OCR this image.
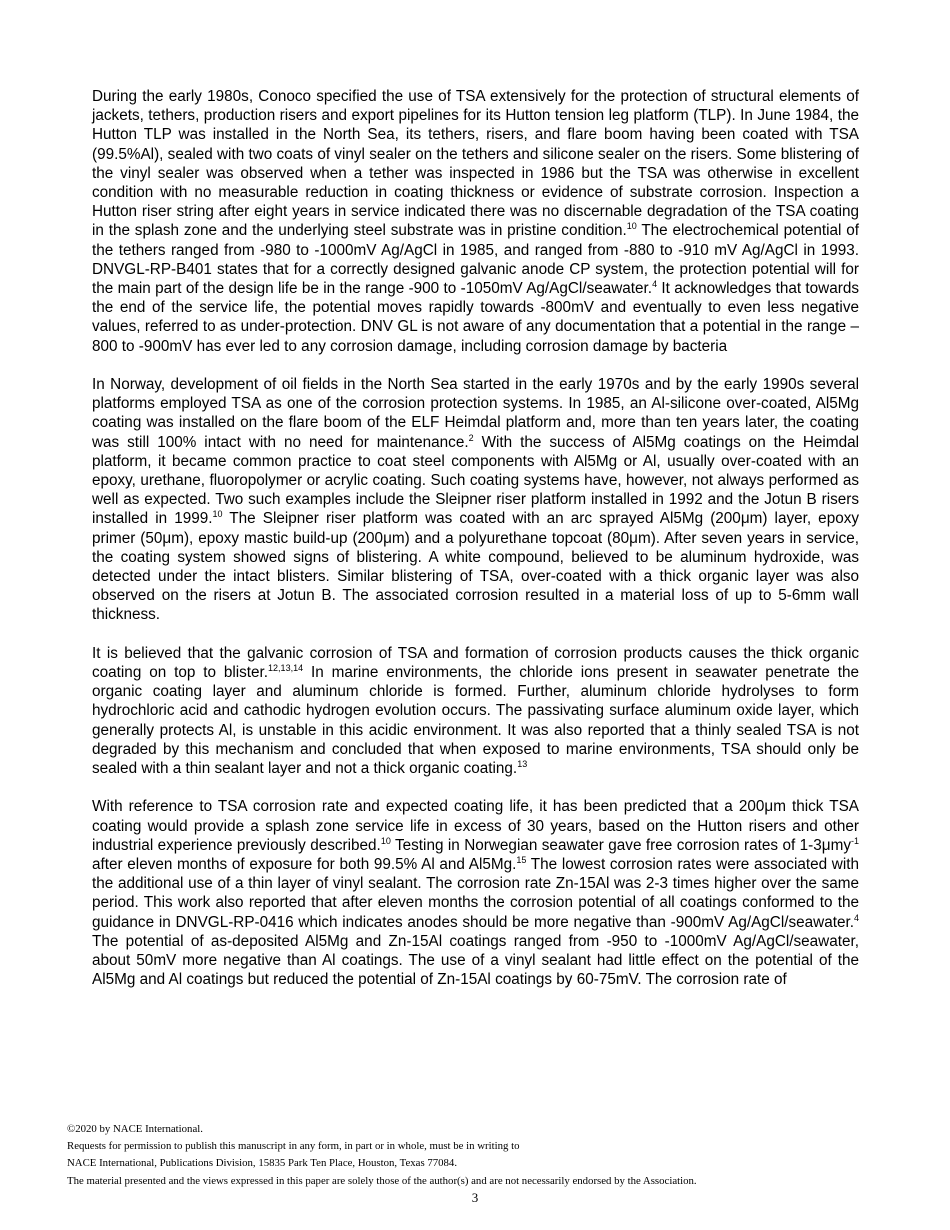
During the early 1980s, Conoco specified the use of TSA extensively for the protection of structural elements of jackets, tethers, production risers and export pipelines for its Hutton tension leg platform (TLP). In June 1984, the Hutton TLP was installed in the North Sea, its tethers, risers, and flare boom having been coated with TSA (99.5%Al), sealed with two coats of vinyl sealer on the tethers and silicone sealer on the risers. Some blistering of the vinyl sealer was observed when a tether was inspected in 1986 but the TSA was otherwise in excellent condition with no measurable reduction in coating thickness or evidence of substrate corrosion. Inspection a Hutton riser string after eight years in service indicated there was no discernable degradation of the TSA coating in the splash zone and the underlying steel substrate was in pristine condition.$^{10}$ The electrochemical potential of the tethers ranged from -980 to -1000mV Ag/AgCl in 1985, and ranged from -880 to -910 mV Ag/AgCl in 1993. DNVGL-RP-B401 states that for a correctly designed galvanic anode CP system, the protection potential will for the main part of the design life be in the range -900 to -1050mV Ag/AgCl/seawater.$^4$ It acknowledges that towards the end of the service life, the potential moves rapidly towards -800mV and eventually to even less negative values, referred to as under-protection. DNV GL is not aware of any documentation that a potential in the range –800 to -900mV has ever led to any corrosion damage, including corrosion damage by bacteria

In Norway, development of oil fields in the North Sea started in the early 1970s and by the early 1990s several platforms employed TSA as one of the corrosion protection systems. In 1985, an Al-silicone over-coated, Al5Mg coating was installed on the flare boom of the ELF Heimdal platform and, more than ten years later, the coating was still 100% intact with no need for maintenance.$^2$ With the success of Al5Mg coatings on the Heimdal platform, it became common practice to coat steel components with Al5Mg or Al, usually over-coated with an epoxy, urethane, fluoropolymer or acrylic coating. Such coating systems have, however, not always performed as well as expected. Two such examples include the Sleipner riser platform installed in 1992 and the Jotun B risers installed in 1999.10 The Sleipner riser platform was coated with an arc sprayed Al5Mg (200μm) layer, epoxy primer (50μm), epoxy mastic build-up (200μm) and a polyurethane topcoat (80μm). After seven years in service, the coating system showed signs of blistering. A white compound, believed to be aluminum hydroxide, was detected under the intact blisters. Similar blistering of TSA, over-coated with a thick organic layer was also observed on the risers at Jotun B. The associated corrosion resulted in a material loss of up to 5-6mm wall thickness.

It is believed that the galvanic corrosion of TSA and formation of corrosion products causes the thick organic coating on top to blister.$^{12,13,14}$ In marine environments, the chloride ions present in seawater penetrate the organic coating layer and aluminum chloride is formed. Further, aluminum chloride hydrolyses to form hydrochloric acid and cathodic hydrogen evolution occurs. The passivating surface aluminum oxide layer, which generally protects Al, is unstable in this acidic environment. It was also reported that a thinly sealed TSA is not degraded by this mechanism and concluded that when exposed to marine environments, TSA should only be sealed with a thin sealant layer and not a thick organic coating.$^{13}$

With reference to TSA corrosion rate and expected coating life, it has been predicted that a 200μm thick TSA coating would provide a splash zone service life in excess of 30 years, based on the Hutton risers and other industrial experience previously described.$^{10}$ Testing in Norwegian seawater gave free corrosion rates of 1-3μmy$^{-1}$ after eleven months of exposure for both 99.5% Al and Al5Mg.$^{15}$ The lowest corrosion rates were associated with the additional use of a thin layer of vinyl sealant. The corrosion rate Zn-15Al was 2-3 times higher over the same period. This work also reported that after eleven months the corrosion potential of all coatings conformed to the guidance in DNVGL-RP-0416 which indicates anodes should be more negative than -900mV Ag/AgCl/seawater.$^4$ The potential of as-deposited Al5Mg and Zn-15Al coatings ranged from -950 to -1000mV Ag/AgCl/seawater, about 50mV more negative than Al coatings. The use of a vinyl sealant had little effect on the potential of the Al5Mg and Al coatings but reduced the potential of Zn-15Al coatings by 60-75mV. The corrosion rate of

©2020 by NACE International.
Requests for permission to publish this manuscript in any form, in part or in whole, must be in writing to
NACE International, Publications Division, 15835 Park Ten Place, Houston, Texas 77084.
The material presented and the views expressed in this paper are solely those of the author(s) and are not necessarily endorsed by the Association.
3
